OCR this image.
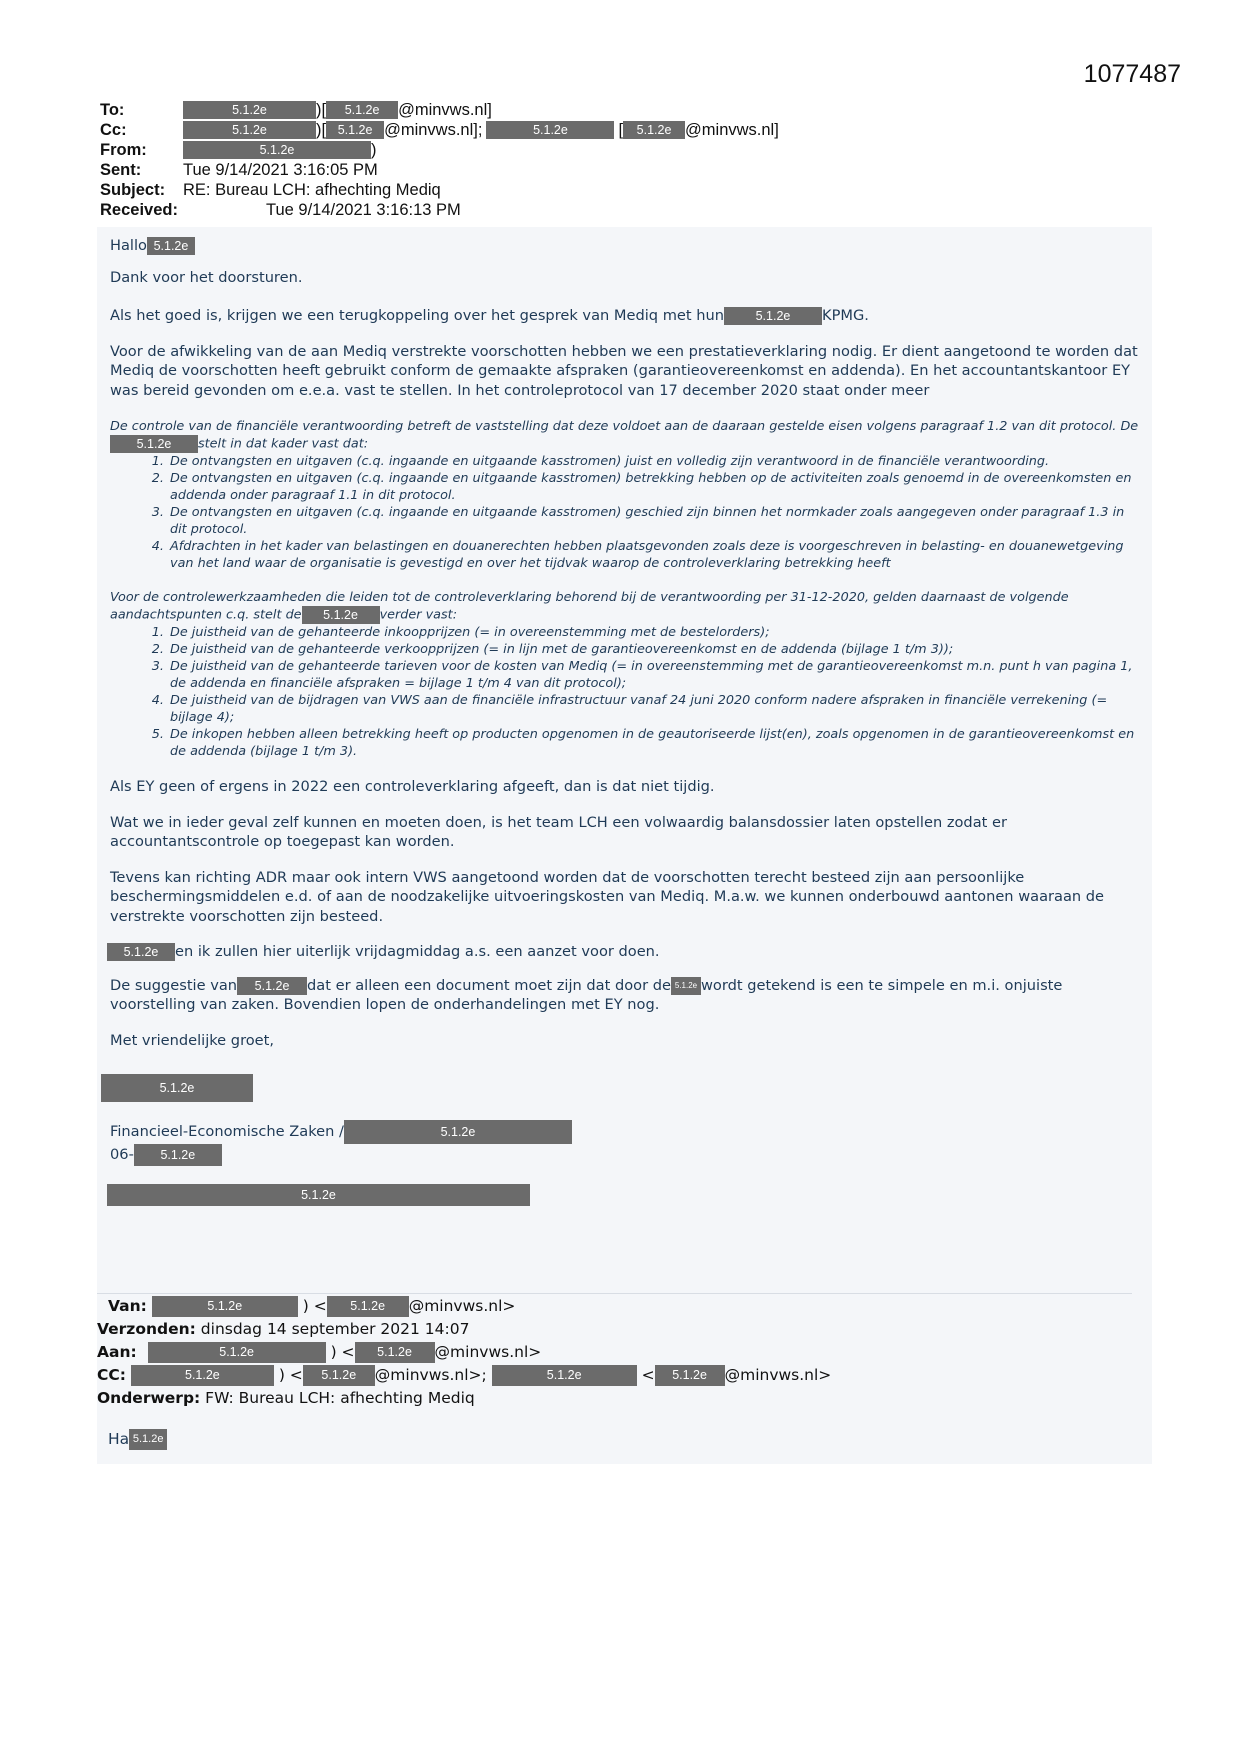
1077487
To:	5.1.2e	)[	5.1.2e	@minvws.nl]
Cc:	5.1.2e	)[ 5.1.2e @minvws.nl];	5.1.2e	[	5.1.2e @minvws.nl]
From:	5.1.2e	)
Sent:	Tue 9/14/2021 3:16:05 PM
Subject:	RE: Bureau LCH: afhechting Mediq
Received:	Tue 9/14/2021 3:16:13 PM

Hallo 5.1.2e

Dank voor het doorsturen.

Als het goed is, krijgen we een terugkoppeling over het gesprek van Mediq met hun	5.1.2e KPMG.

Voor de afwikkeling van de aan Mediq verstrekte voorschotten hebben we een prestatieverklaring nodig. Er dient aangetoond te worden dat Mediq de voorschotten heeft gebruikt conform de gemaakte afspraken (garantieovereenkomst en addenda). En het accountantskantoor EY was bereid gevonden om e.e.a. vast te stellen. In het controleprotocol van 17 december 2020 staat onder meer

De controle van de financiële verantwoording betreft de vaststelling dat deze voldoet aan de daaraan gestelde eisen volgens paragraaf 1.2 van dit protocol. De5.1.2e stelt in dat kader vast dat:

1. De ontvangsten en uitgaven (c.q. ingaande en uitgaande kasstromen) juist en volledig zijn verantwoord in de financiële verantwoording.
2. De ontvangsten en uitgaven (c.q. ingaande en uitgaande kasstromen) betrekking hebben op de activiteiten zoals genoemd in de overeenkomsten en addenda onder paragraaf 1.1 in dit protocol.
3. De ontvangsten en uitgaven (c.q. ingaande en uitgaande kasstromen) geschied zijn binnen het normkader zoals aangegeven onder paragraaf 1.3 in dit protocol.
4. Afdrachten in het kader van belastingen en douanerechten hebben plaatsgevonden zoals deze is voorgeschreven in belasting- en douanewetgeving van het land waar de organisatie is gevestigd en over het tijdvak waarop de controleverklaring betrekking heeft

Voor de controlewerkzaamheden die leiden tot de controleverklaring behorend bij de verantwoording per 31-12-2020, gelden daarnaast de volgende aandachtspunten c.q. stelt de 5.1.2e verder vast:

1. De juistheid van de gehanteerde inkoopprijzen (= in overeenstemming met de bestelorders);
2. De juistheid van de gehanteerde verkoopprijzen (= in lijn met de garantieovereenkomst en de addenda (bijlage 1 t/m 3));
3. De juistheid van de gehanteerde tarieven voor de kosten van Mediq (= in overeenstemming met de garantieovereenkomst m.n. punt h van pagina 1, de addenda en financiële afspraken = bijlage 1 t/m 4 van dit protocol);
4. De juistheid van de bijdragen van VWS aan de financiële infrastructuur vanaf 24 juni 2020 conform nadere afspraken in financiële verrekening (= bijlage 4);
5. De inkopen hebben alleen betrekking heeft op producten opgenomen in de geautoriseerde lijst(en), zoals opgenomen in de garantieovereenkomst en de addenda (bijlage 1 t/m 3).

Als EY geen of ergens in 2022 een controleverklaring afgeeft, dan is dat niet tijdig.

Wat we in ieder geval zelf kunnen en moeten doen, is het team LCH een volwaardig balansdossier laten opstellen zodat er accountantscontrole op toegepast kan worden.

Tevens kan richting ADR maar ook intern VWS aangetoond worden dat de voorschotten terecht besteed zijn aan persoonlijke beschermingsmiddelen e.d. of aan de noodzakelijke uitvoeringskosten van Mediq. M.a.w. we kunnen onderbouwd aantonen waaraan de verstrekte voorschotten zijn besteed.

5.1.2e en ik zullen hier uiterlijk vrijdagmiddag a.s. een aanzet voor doen.

De suggestie van 5.1.2e dat er alleen een document moet zijn dat door de 5.1.2e wordt getekend is een te simpele en m.i. onjuiste voorstelling van zaken. Bovendien lopen de onderhandelingen met EY nog.

Met vriendelijke groet,

5.1.2e

Financieel-Economische Zaken /	5.1.2e

06- 5.1.2e

5.1.2e
Van:	5.1.2e	) < 5.1.2e @minvws.nl>
Verzonden: dinsdag 14 september 2021 14:07
Aan:	5.1.2e	) < 5.1.2e @minvws.nl>
CC:	5.1.2e	) < 5.1.2e @minvws.nl>;	5.1.2e	< 5.1.2e @minvws.nl>
Onderwerp: FW: Bureau LCH: afhechting Mediq
Ha 5.1.2e
